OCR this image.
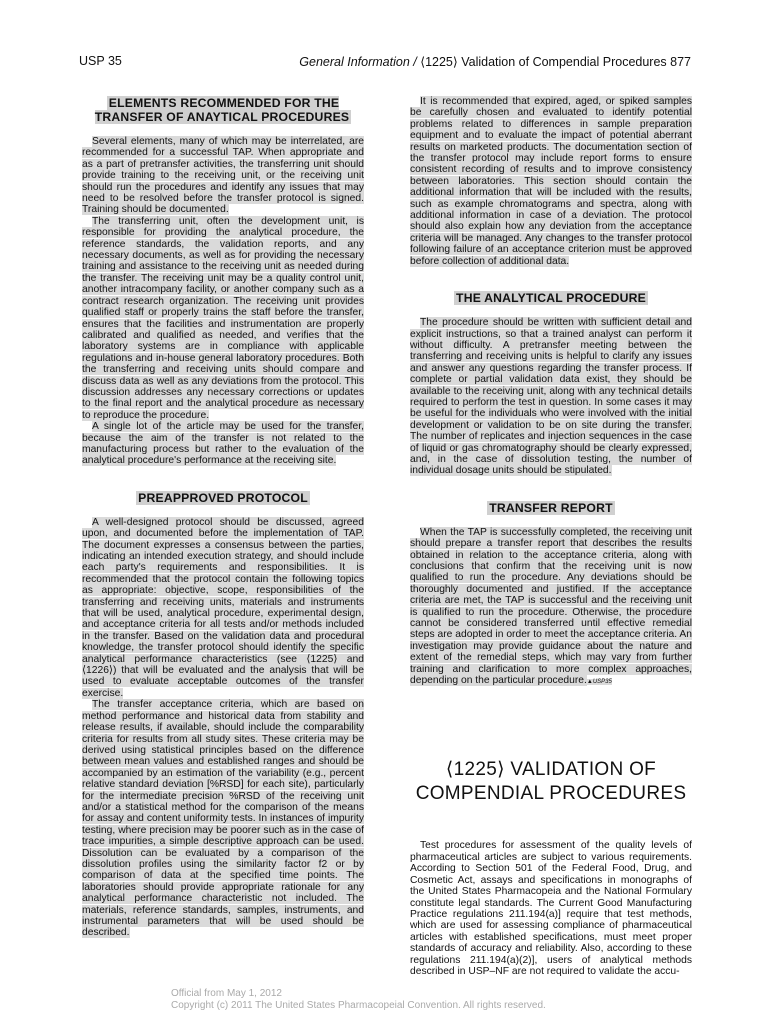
USP 35	General Information / ⟨1225⟩ Validation of Compendial Procedures 877
ELEMENTS RECOMMENDED FOR THE TRANSFER OF ANAYTICAL PROCEDURES

Several elements, many of which may be interrelated, are recommended for a successful TAP. When appropriate and as a part of pretransfer activities, the transferring unit should provide training to the receiving unit, or the receiving unit should run the procedures and identify any issues that may need to be resolved before the transfer protocol is signed. Training should be documented.

The transferring unit, often the development unit, is responsible for providing the analytical procedure, the reference standards, the validation reports, and any necessary documents, as well as for providing the necessary training and assistance to the receiving unit as needed during the transfer. The receiving unit may be a quality control unit, another intracompany facility, or another company such as a contract research organization. The receiving unit provides qualified staff or properly trains the staff before the transfer, ensures that the facilities and instrumentation are properly calibrated and qualified as needed, and verifies that the laboratory systems are in compliance with applicable regulations and in-house general laboratory procedures. Both the transferring and receiving units should compare and discuss data as well as any deviations from the protocol. This discussion addresses any necessary corrections or updates to the final report and the analytical procedure as necessary to reproduce the procedure.

A single lot of the article may be used for the transfer, because the aim of the transfer is not related to the manufacturing process but rather to the evaluation of the analytical procedure's performance at the receiving site.

PREAPPROVED PROTOCOL

A well-designed protocol should be discussed, agreed upon, and documented before the implementation of TAP. The document expresses a consensus between the parties, indicating an intended execution strategy, and should include each party's requirements and responsibilities. It is recommended that the protocol contain the following topics as appropriate: objective, scope, responsibilities of the transferring and receiving units, materials and instruments that will be used, analytical procedure, experimental design, and acceptance criteria for all tests and/or methods included in the transfer. Based on the validation data and procedural knowledge, the transfer protocol should identify the specific analytical performance characteristics (see ⟨1225⟩ and ⟨1226⟩) that will be evaluated and the analysis that will be used to evaluate acceptable outcomes of the transfer exercise.

The transfer acceptance criteria, which are based on method performance and historical data from stability and release results, if available, should include the comparability criteria for results from all study sites. These criteria may be derived using statistical principles based on the difference between mean values and established ranges and should be accompanied by an estimation of the variability (e.g., percent relative standard deviation [%RSD] for each site), particularly for the intermediate precision %RSD of the receiving unit and/or a statistical method for the comparison of the means for assay and content uniformity tests. In instances of impurity testing, where precision may be poorer such as in the case of trace impurities, a simple descriptive approach can be used. Dissolution can be evaluated by a comparison of the dissolution profiles using the similarity factor f2 or by comparison of data at the specified time points. The laboratories should provide appropriate rationale for any analytical performance characteristic not included. The materials, reference standards, samples, instruments, and instrumental parameters that will be used should be described.

It is recommended that expired, aged, or spiked samples be carefully chosen and evaluated to identify potential problems related to differences in sample preparation equipment and to evaluate the impact of potential aberrant results on marketed products. The documentation section of the transfer protocol may include report forms to ensure consistent recording of results and to improve consistency between laboratories. This section should contain the additional information that will be included with the results, such as example chromatograms and spectra, along with additional information in case of a deviation. The protocol should also explain how any deviation from the acceptance criteria will be managed. Any changes to the transfer protocol following failure of an acceptance criterion must be approved before collection of additional data.

THE ANALYTICAL PROCEDURE

The procedure should be written with sufficient detail and explicit instructions, so that a trained analyst can perform it without difficulty. A pretransfer meeting between the transferring and receiving units is helpful to clarify any issues and answer any questions regarding the transfer process. If complete or partial validation data exist, they should be available to the receiving unit, along with any technical details required to perform the test in question. In some cases it may be useful for the individuals who were involved with the initial development or validation to be on site during the transfer. The number of replicates and injection sequences in the case of liquid or gas chromatography should be clearly expressed, and, in the case of dissolution testing, the number of individual dosage units should be stipulated.

TRANSFER REPORT

When the TAP is successfully completed, the receiving unit should prepare a transfer report that describes the results obtained in relation to the acceptance criteria, along with conclusions that confirm that the receiving unit is now qualified to run the procedure. Any deviations should be thoroughly documented and justified. If the acceptance criteria are met, the TAP is successful and the receiving unit is qualified to run the procedure. Otherwise, the procedure cannot be considered transferred until effective remedial steps are adopted in order to meet the acceptance criteria. An investigation may provide guidance about the nature and extent of the remedial steps, which may vary from further training and clarification to more complex approaches, depending on the particular procedure.▲USP35

⟨1225⟩ VALIDATION OF
COMPENDIAL PROCEDURES

Test procedures for assessment of the quality levels of pharmaceutical articles are subject to various requirements. According to Section 501 of the Federal Food, Drug, and Cosmetic Act, assays and specifications in monographs of the United States Pharmacopeia and the National Formulary constitute legal standards. The Current Good Manufacturing Practice regulations 211.194(a)] require that test methods, which are used for assessing compliance of pharmaceutical articles with established specifications, must meet proper standards of accuracy and reliability. Also, according to these regulations 211.194(a)(2)], users of analytical methods described in USP–NF are not required to validate the accu-

Official from May 1, 2012
Copyright (c) 2011 The United States Pharmacopeial Convention. All rights reserved.
